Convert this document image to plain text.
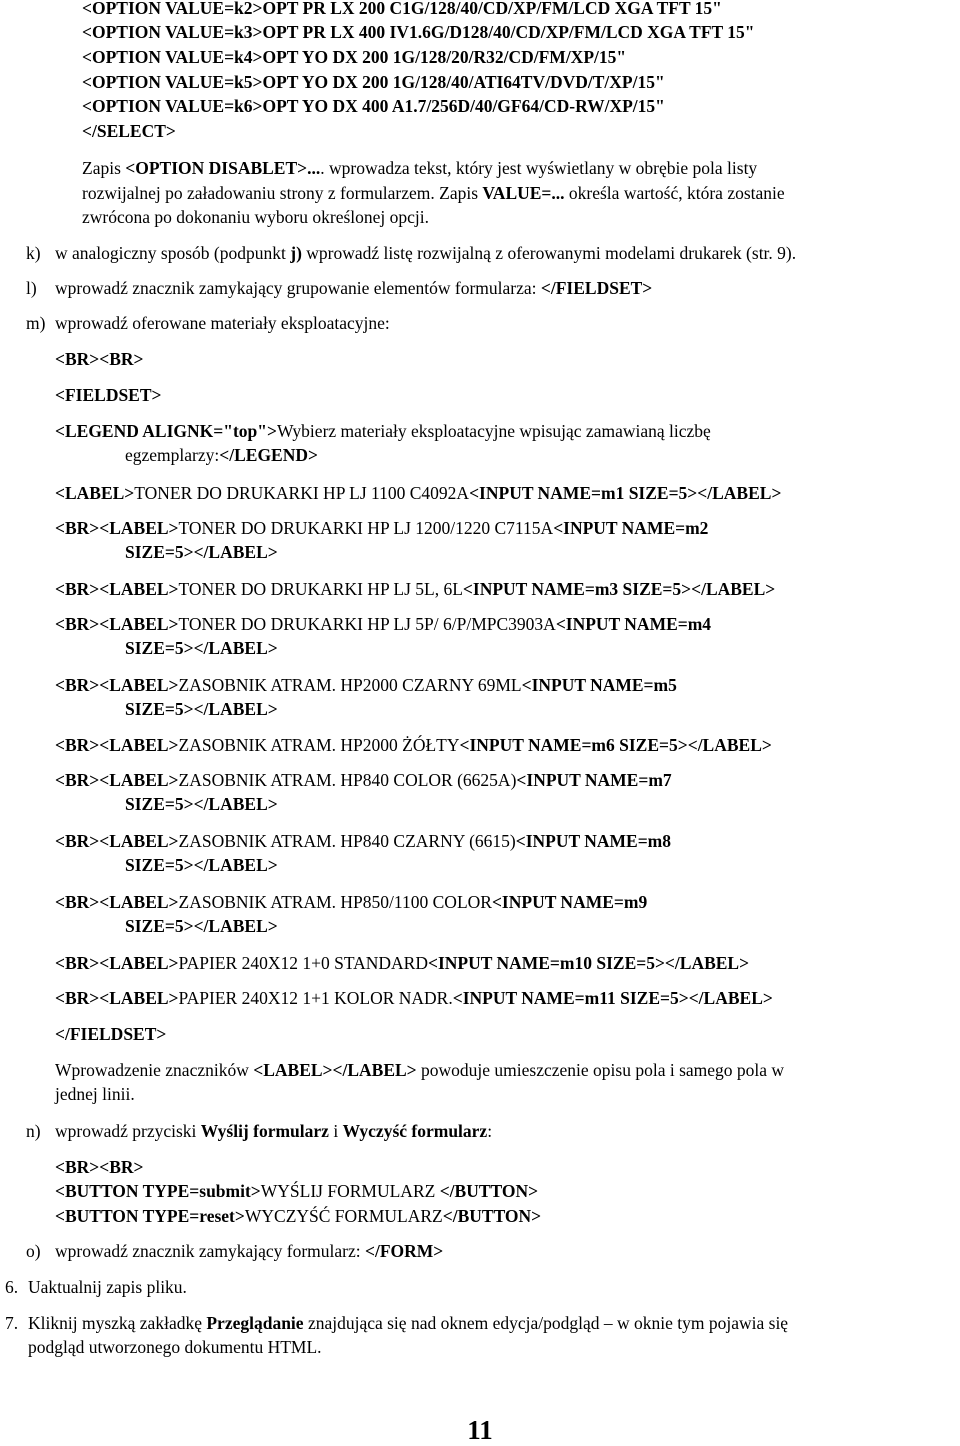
<OPTION VALUE=k2>OPT PR LX 200 C1G/128/40/CD/XP/FM/LCD XGA TFT 15"
<OPTION VALUE=k3>OPT PR LX 400 IV1.6G/D128/40/CD/XP/FM/LCD XGA TFT 15"
<OPTION VALUE=k4>OPT YO DX 200 1G/128/20/R32/CD/FM/XP/15"
<OPTION VALUE=k5>OPT YO DX 200 1G/128/40/ATI64TV/DVD/T/XP/15"
<OPTION VALUE=k6>OPT YO DX 400 A1.7/256D/40/GF64/CD-RW/XP/15"
</SELECT>
Zapis <OPTION DISABLET>.... wprowadza tekst, który jest wyświetlany w obrębie pola listy
rozwijalnej po załadowaniu strony z formularzem. Zapis VALUE=... określa wartość, która zostanie
zwrócona po dokonaniu wyboru określonej opcji.
k) w analogiczny sposób (podpunkt j) wprowadź listę rozwijalną z oferowanymi modelami drukarek (str. 9).
l) wprowadź znacznik zamykający grupowanie elementów formularza: </FIELDSET>
m) wprowadź oferowane materiały eksploatacyjne:
<BR><BR>
<FIELDSET>
<LEGEND ALIGNK="top">Wybierz materiały eksploatacyjne wpisując zamawianą liczbę
egzemplarzy:</LEGEND>
<LABEL>TONER DO DRUKARKI HP LJ 1100 C4092A<INPUT NAME=m1 SIZE=5></LABEL>
<BR><LABEL>TONER DO DRUKARKI HP LJ 1200/1220 C7115A<INPUT NAME=m2
SIZE=5></LABEL>
<BR><LABEL>TONER DO DRUKARKI HP LJ 5L, 6L<INPUT NAME=m3 SIZE=5></LABEL>
<BR><LABEL>TONER DO DRUKARKI HP LJ 5P/ 6/P/MPC3903A<INPUT NAME=m4
SIZE=5></LABEL>
<BR><LABEL>ZASOBNIK ATRAM. HP2000 CZARNY 69ML<INPUT NAME=m5
SIZE=5></LABEL>
<BR><LABEL>ZASOBNIK ATRAM. HP2000 ŻÓŁTY<INPUT NAME=m6 SIZE=5></LABEL>
<BR><LABEL>ZASOBNIK ATRAM. HP840 COLOR (6625A)<INPUT NAME=m7
SIZE=5></LABEL>
<BR><LABEL>ZASOBNIK ATRAM. HP840 CZARNY (6615)<INPUT NAME=m8
SIZE=5></LABEL>
<BR><LABEL>ZASOBNIK ATRAM. HP850/1100 COLOR<INPUT NAME=m9
SIZE=5></LABEL>
<BR><LABEL>PAPIER 240X12 1+0 STANDARD<INPUT NAME=m10 SIZE=5></LABEL>
<BR><LABEL>PAPIER 240X12 1+1 KOLOR NADR.<INPUT NAME=m11 SIZE=5></LABEL>
</FIELDSET>
Wprowadzenie znaczników <LABEL></LABEL> powoduje umieszczenie opisu pola i samego pola w
jednej linii.
n) wprowadź przyciski Wyślij formularz i Wyczyść formularz:
<BR><BR>
<BUTTON TYPE=submit>WYŚLIJ FORMULARZ </BUTTON>
<BUTTON TYPE=reset>WYCZYŚĆ FORMULARZ</BUTTON>
o) wprowadź znacznik zamykający formularz: </FORM>
6. Uaktualnij zapis pliku.
7. Kliknij myszką zakładkę Przeglądanie znajdująca się nad oknem edycja/podgląd – w oknie tym pojawia się
podgląd utworzonego dokumentu HTML.
11
